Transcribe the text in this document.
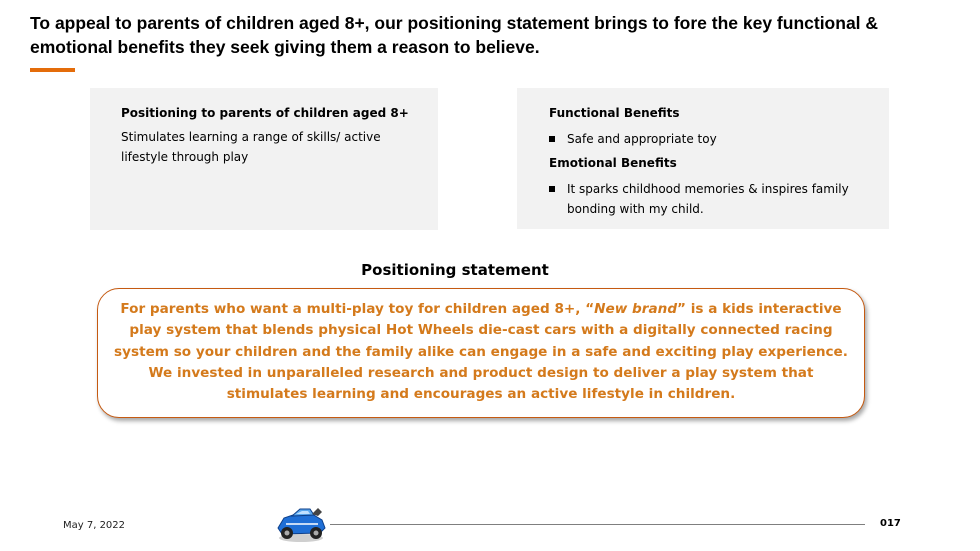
To appeal to parents of children aged 8+, our positioning statement brings to fore the key functional & emotional benefits they seek giving them a reason to believe.
Positioning to parents of children aged 8+
Stimulates learning a range of skills/ active lifestyle through play
Functional Benefits
Safe and appropriate toy
Emotional Benefits
It sparks childhood memories & inspires family bonding with my child.
Positioning statement
For parents who want a multi-play toy for children aged 8+, “New brand” is a kids interactive play system that blends physical Hot Wheels die-cast cars with a digitally connected racing system so your children and the family alike can engage in a safe and exciting play experience. We invested in unparalleled research and product design to deliver a play system that stimulates learning and encourages an active lifestyle in children.
May 7, 2022	017
